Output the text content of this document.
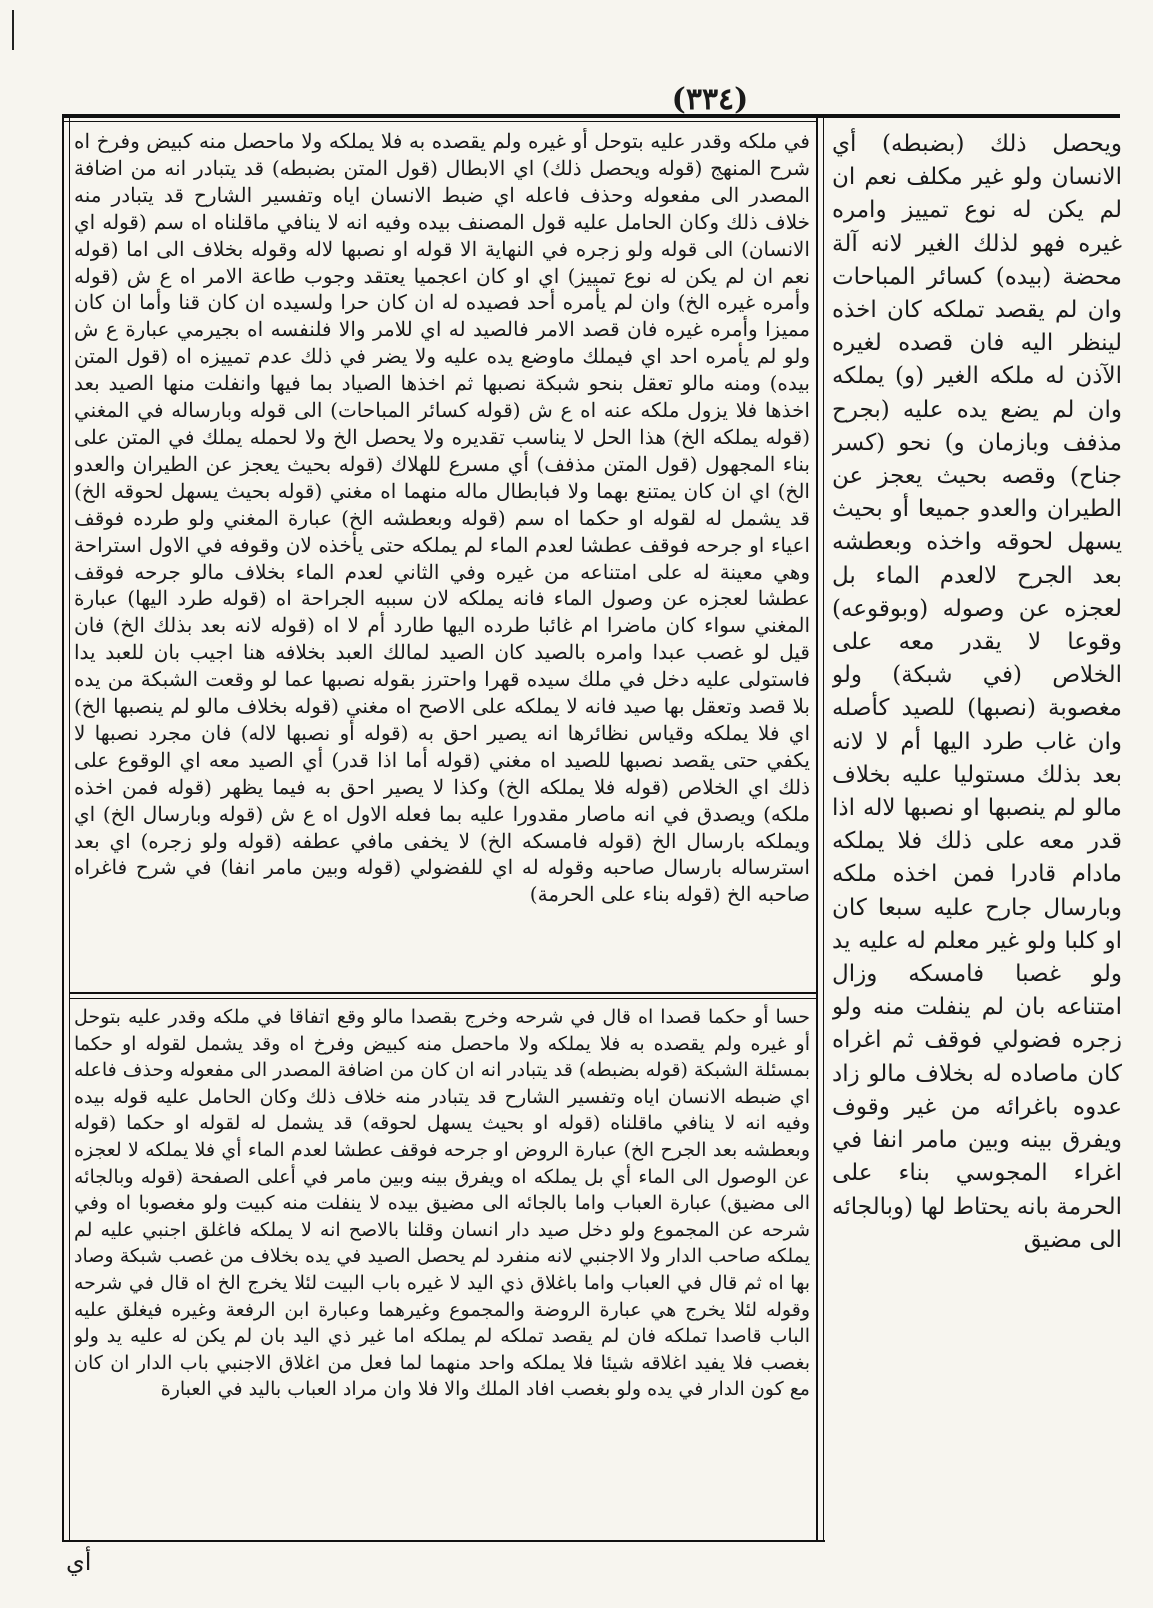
(٣٣٤)
ويحصل ذلك (بضبطه) أي الانسان ولو غير مكلف نعم ان لم يكن له نوع تمييز وامره غيره فهو لذلك الغير لانه آلة محضة (بيده) كسائر المباحات وان لم يقصد تملكه كان اخذه لينظر اليه فان قصده لغيره الآذن له ملكه الغير (و) يملكه وان لم يضع يده عليه (بجرح مذفف وبازمان و) نحو (كسر جناح) وقصه بحيث يعجز عن الطيران والعدو جميعا أو بحيث يسهل لحوقه واخذه وبعطشه بعد الجرح لالعدم الماء بل لعجزه عن وصوله (وبوقوعه) وقوعا لا يقدر معه على الخلاص (في شبكة) ولو مغصوبة (نصبها) للصيد كأصله وان غاب طرد اليها أم لا لانه بعد بذلك مستوليا عليه بخلاف مالو لم ينصبها او نصبها لاله اذا قدر معه على ذلك فلا يملكه مادام قادرا فمن اخذه ملكه وبارسال جارح عليه سبعا كان او كلبا ولو غير معلم له عليه يد ولو غصبا فامسكه وزال امتناعه بان لم ينفلت منه ولو زجره فضولي فوقف ثم اغراه كان ماصاده له بخلاف مالو زاد عدوه باغرائه من غير وقوف ويفرق بينه وبين مامر انفا في اغراء المجوسي بناء على الحرمة بانه يحتاط لها (وبالجائه الى مضيق
في ملكه وقدر عليه بتوحل أو غيره ولم يقصده به فلا يملكه ولا ماحصل منه كبيض وفرخ اه شرح المنهج (قوله ويحصل ذلك) اي الابطال (قول المتن بضبطه) قد يتبادر انه من اضافة المصدر الى مفعوله وحذف فاعله اي ضبط الانسان اياه وتفسير الشارح قد يتبادر منه خلاف ذلك وكان الحامل عليه قول المصنف بيده وفيه انه لا ينافي ماقلناه اه سم (قوله اي الانسان) الى قوله ولو زجره في النهاية الا قوله او نصبها لاله وقوله بخلاف الى اما (قوله نعم ان لم يكن له نوع تمييز) اي او كان اعجميا يعتقد وجوب طاعة الامر اه ع ش (قوله وأمره غيره الخ) وان لم يأمره أحد فصيده له ان كان حرا ولسيده ان كان قنا وأما ان كان مميزا وأمره غيره فان قصد الامر فالصيد له اي للامر والا فلنفسه اه بجيرمي عبارة ع ش ولو لم يأمره احد اي فيملك ماوضع يده عليه ولا يضر في ذلك عدم تمييزه اه (قول المتن بيده) ومنه مالو تعقل بنحو شبكة نصبها ثم اخذها الصياد بما فيها وانفلت منها الصيد بعد اخذها فلا يزول ملكه عنه اه ع ش (قوله كسائر المباحات) الى قوله وبارساله في المغني (قوله يملكه الخ) هذا الحل لا يناسب تقديره ولا يحصل الخ ولا لحمله يملك في المتن على بناء المجهول (قول المتن مذفف) أي مسرع للهلاك (قوله بحيث يعجز عن الطيران والعدو الخ) اي ان كان يمتنع بهما ولا فبابطال ماله منهما اه مغني (قوله بحيث يسهل لحوقه الخ) قد يشمل له لقوله او حكما اه سم (قوله وبعطشه الخ) عبارة المغني ولو طرده فوقف اعياء او جرحه فوقف عطشا لعدم الماء لم يملكه حتى يأخذه لان وقوفه في الاول استراحة وهي معينة له على امتناعه من غيره وفي الثاني لعدم الماء بخلاف مالو جرحه فوقف عطشا لعجزه عن وصول الماء فانه يملكه لان سببه الجراحة اه (قوله طرد اليها) عبارة المغني سواء كان ماضرا ام غائبا طرده اليها طارد أم لا اه (قوله لانه بعد بذلك الخ) فان قيل لو غصب عبدا وامره بالصيد كان الصيد لمالك العبد بخلافه هنا اجيب بان للعبد يدا فاستولى عليه دخل في ملك سيده قهرا واحترز بقوله نصبها عما لو وقعت الشبكة من يده بلا قصد وتعقل بها صيد فانه لا يملكه على الاصح اه مغني (قوله بخلاف مالو لم ينصبها الخ) اي فلا يملكه وقياس نظائرها انه يصير احق به (قوله أو نصبها لاله) فان مجرد نصبها لا يكفي حتى يقصد نصبها للصيد اه مغني (قوله أما اذا قدر) أي الصيد معه اي الوقوع على ذلك اي الخلاص (قوله فلا يملكه الخ) وكذا لا يصير احق به فيما يظهر (قوله فمن اخذه ملكه) ويصدق في انه ماصار مقدورا عليه بما فعله الاول اه ع ش (قوله وبارسال الخ) اي ويملكه بارسال الخ (قوله فامسكه الخ) لا يخفى مافي عطفه (قوله ولو زجره) اي بعد استرساله بارسال صاحبه وقوله له اي للفضولي (قوله وبين مامر انفا) في شرح فاغراه صاحبه الخ (قوله بناء على الحرمة)
حسا أو حكما قصدا اه قال في شرحه وخرج بقصدا مالو وقع اتفاقا في ملكه وقدر عليه بتوحل أو غيره ولم يقصده به فلا يملكه ولا ماحصل منه كبيض وفرخ اه وقد يشمل لقوله او حكما بمسئلة الشبكة (قوله بضبطه) قد يتبادر انه ان كان من اضافة المصدر الى مفعوله وحذف فاعله اي ضبطه الانسان اياه وتفسير الشارح قد يتبادر منه خلاف ذلك وكان الحامل عليه قوله بيده وفيه انه لا ينافي ماقلناه (قوله او بحيث يسهل لحوقه) قد يشمل له لقوله او حكما (قوله وبعطشه بعد الجرح الخ) عبارة الروض او جرحه فوقف عطشا لعدم الماء أي فلا يملكه لا لعجزه عن الوصول الى الماء أي بل يملكه اه ويفرق بينه وبين مامر في أعلى الصفحة (قوله وبالجائه الى مضيق) عبارة العباب واما بالجائه الى مضيق بيده لا ينفلت منه كبيت ولو مغصوبا اه وفي شرحه عن المجموع ولو دخل صيد دار انسان وقلنا بالاصح انه لا يملكه فاغلق اجنبي عليه لم يملكه صاحب الدار ولا الاجنبي لانه منفرد لم يحصل الصيد في يده بخلاف من غصب شبكة وصاد بها اه ثم قال في العباب واما باغلاق ذي اليد لا غيره باب البيت لئلا يخرج الخ اه قال في شرحه وقوله لئلا يخرج هي عبارة الروضة والمجموع وغيرهما وعبارة ابن الرفعة وغيره فيغلق عليه الباب قاصدا تملكه فان لم يقصد تملكه لم يملكه اما غير ذي اليد بان لم يكن له عليه يد ولو بغصب فلا يفيد اغلاقه شيئا فلا يملكه واحد منهما لما فعل من اغلاق الاجنبي باب الدار ان كان مع كون الدار في يده ولو بغصب افاد الملك والا فلا وان مراد العباب باليد في العبارة
أي
